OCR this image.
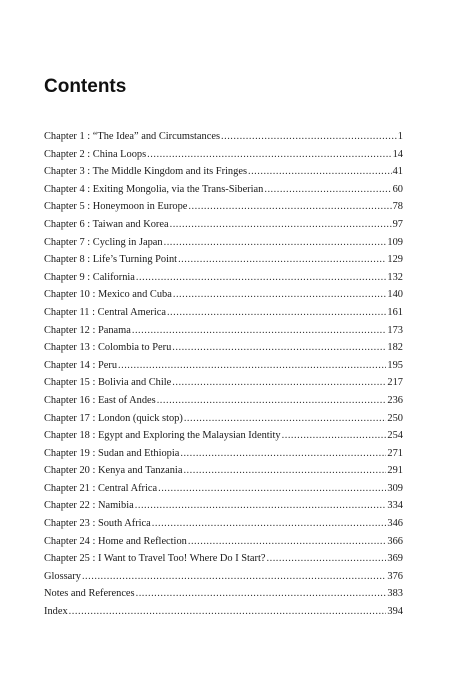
Contents
Chapter 1 : “The Idea” and Circumstances .....	1
Chapter 2 : China Loops .....	14
Chapter 3 : The Middle Kingdom and its Fringes .....	41
Chapter 4 : Exiting Mongolia, via the Trans-Siberian .....	60
Chapter 5 : Honeymoon in Europe .....	78
Chapter 6 : Taiwan and Korea .....	97
Chapter 7 : Cycling in Japan .....	109
Chapter 8 : Life’s Turning Point .....	129
Chapter 9 : California .....	132
Chapter 10 : Mexico and Cuba .....	140
Chapter 11 : Central America .....	161
Chapter 12 : Panama .....	173
Chapter 13 : Colombia to Peru .....	182
Chapter 14 : Peru .....	195
Chapter 15 : Bolivia and Chile .....	217
Chapter 16 : East of Andes .....	236
Chapter 17 : London (quick stop) .....	250
Chapter 18 : Egypt and Exploring the Malaysian Identity .....	254
Chapter 19 : Sudan and Ethiopia .....	271
Chapter 20 : Kenya and Tanzania .....	291
Chapter 21 : Central Africa .....	309
Chapter 22 : Namibia .....	334
Chapter 23 : South Africa .....	346
Chapter 24 : Home and Reflection .....	366
Chapter 25 : I Want to Travel Too! Where Do I Start? .....	369
Glossary .....	376
Notes and References .....	383
Index .....	394
